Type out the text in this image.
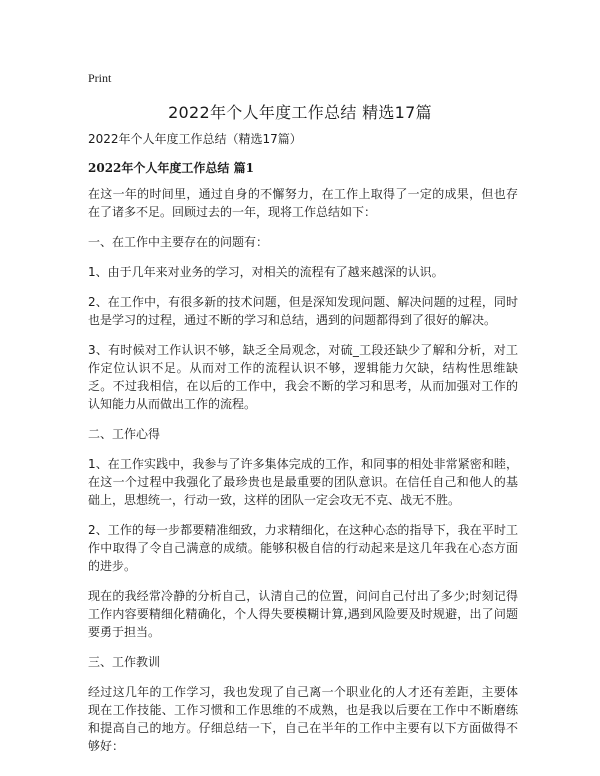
Print
2022年个人年度工作总结 精选17篇
2022年个人年度工作总结（精选17篇）
2022年个人年度工作总结 篇1

在这一年的时间里，通过自身的不懈努力，在工作上取得了一定的成果，但也存在了诸多不足。回顾过去的一年，现将工作总结如下：

一、在工作中主要存在的问题有：

1、由于几年来对业务的学习，对相关的流程有了越来越深的认识。

2、在工作中，有很多新的技术问题，但是深知发现问题、解决问题的过程，同时也是学习的过程，通过不断的学习和总结，遇到的问题都得到了很好的解决。

3、有时候对工作认识不够，缺乏全局观念，对硫_工段还缺少了解和分析，对工作定位认识不足。从而对工作的流程认识不够，逻辑能力欠缺，结构性思维缺乏。不过我相信，在以后的工作中，我会不断的学习和思考，从而加强对工作的认知能力从而做出工作的流程。

二、工作心得

1、在工作实践中，我参与了许多集体完成的工作，和同事的相处非常紧密和睦，在这一个过程中我强化了最珍贵也是最重要的团队意识。在信任自己和他人的基础上，思想统一，行动一致，这样的团队一定会攻无不克、战无不胜。

2、工作的每一步都要精准细致，力求精细化，在这种心态的指导下，我在平时工作中取得了令自己满意的成绩。能够积极自信的行动起来是这几年我在心态方面的进步。

现在的我经常冷静的分析自己，认清自己的位置，问问自己付出了多少;时刻记得工作内容要精细化精确化，个人得失要模糊计算,遇到风险要及时规避，出了问题要勇于担当。

三、工作教训

经过这几年的工作学习，我也发现了自己离一个职业化的人才还有差距，主要体现在工作技能、工作习惯和工作思维的不成熟，也是我以后要在工作中不断磨练和提高自己的地方。仔细总结一下，自己在半年的工作中主要有以下方面做得不够好：
